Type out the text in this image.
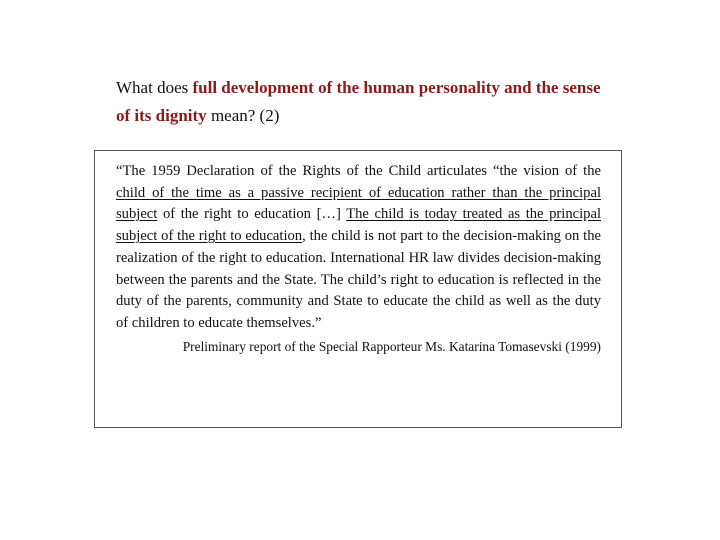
What does full development of the human personality and the sense of its dignity mean? (2)

“The 1959 Declaration of the Rights of the Child articulates “the vision of the child of the time as a passive recipient of education rather than the principal subject of the right to education […] The child is today treated as the principal subject of the right to education, the child is not part to the decision-making on the realization of the right to education. International HR law divides decision-making between the parents and the State. The child’s right to education is reflected in the duty of the parents, community and State to educate the child as well as the duty of children to educate themselves.”

Preliminary report of the Special Rapporteur Ms. Katarina Tomasevski (1999)
